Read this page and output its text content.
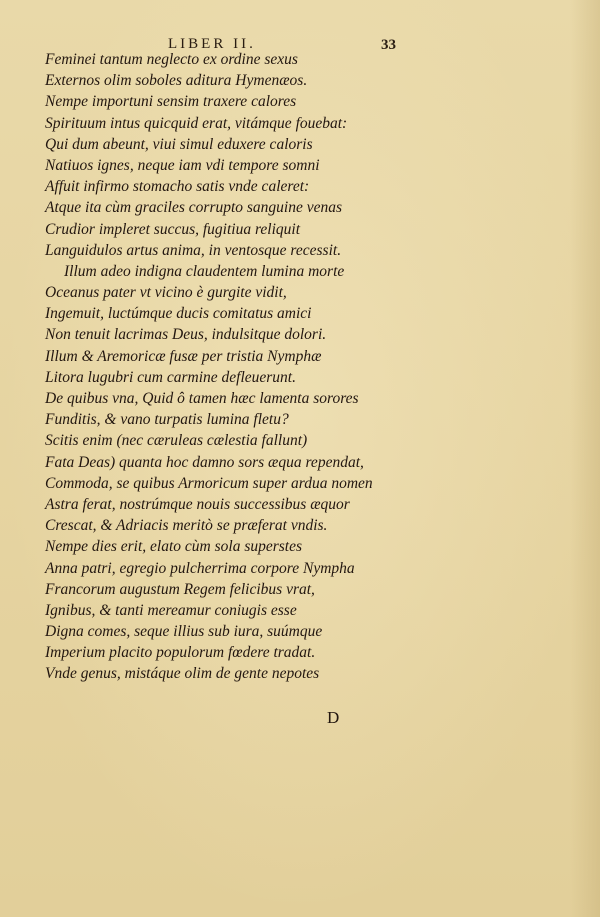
LIBER II.	33
Feminei tantum neglecto ex ordine sexus
Externos olim soboles aditura Hymenæos.
Nempe importuni sensim traxere calores
Spirituum intus quicquid erat, vitámque fouebat:
Qui dum abeunt, viui simul eduxere caloris
Natiuos ignes, neque iam vdi tempore somni
Affuit infirmo stomacho satis vnde caleret:
Atque ita cùm graciles corrupto sanguine venas
Crudior impleret succus, fugitiua reliquit
Languidulos artus anima, in ventosque recessit.
Illum adeo indigna claudentem lumina morte
Oceanus pater vt vicino è gurgite vidit,
Ingemuit, luctúmque ducis comitatus amici
Non tenuit lacrimas Deus, indulsitque dolori.
Illum & Aremoricæ fusæ per tristia Nymphæ
Litora lugubri cum carmine defleuerunt.
De quibus vna, Quid ô tamen hæc lamenta sorores
Funditis, & vano turpatis lumina fletu?
Scitis enim (nec cæruleas cælestia fallunt)
Fata Deas) quanta hoc damno sors æqua rependat,
Commoda, se quibus Armoricum super ardua nomen
Astra ferat, nostrúmque nouis successibus æquor
Crescat, & Adriacis meritò se præferat vndis.
Nempe dies erit, elato cùm sola superstes
Anna patri, egregio pulcherrima corpore Nympha
Francorum augustum Regem felicibus vrat,
Ignibus, & tanti mereamur coniugis esse
Digna comes, seque illius sub iura, suúmque
Imperium placito populorum fœdere tradat.
Vnde genus, mistáque olim de gente nepotes
D
